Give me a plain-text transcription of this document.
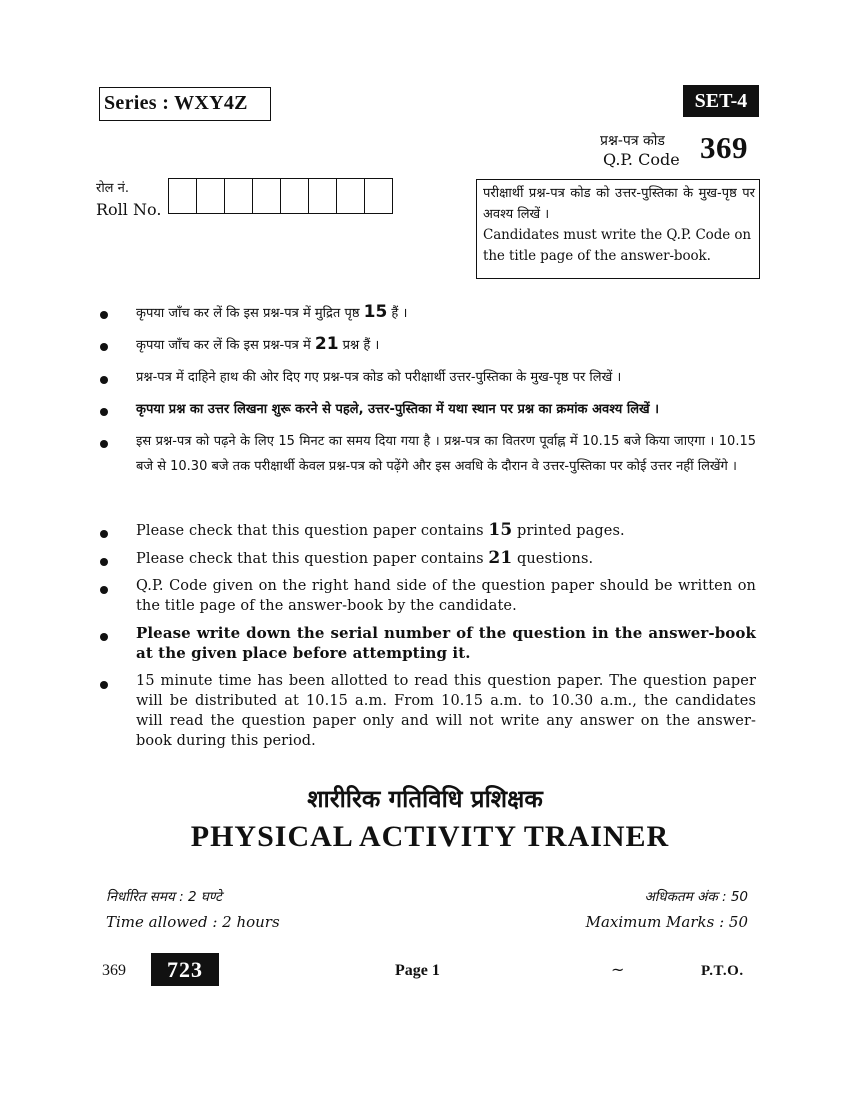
Series : WXY4Z	SET-4
प्रश्न-पत्र कोड
Q.P. Code 369
रोल नं.
Roll No.
परीक्षार्थी प्रश्न-पत्र कोड को उत्तर-पुस्तिका के मुख-पृष्ठ पर अवश्य लिखें ।
Candidates must write the Q.P. Code on the title page of the answer-book.
कृपया जाँच कर लें कि इस प्रश्न-पत्र में मुद्रित पृष्ठ 15 हैं ।
कृपया जाँच कर लें कि इस प्रश्न-पत्र में 21 प्रश्न हैं ।
प्रश्न-पत्र में दाहिने हाथ की ओर दिए गए प्रश्न-पत्र कोड को परीक्षार्थी उत्तर-पुस्तिका के मुख-पृष्ठ पर लिखें ।
कृपया प्रश्न का उत्तर लिखना शुरू करने से पहले, उत्तर-पुस्तिका में यथा स्थान पर प्रश्न का क्रमांक अवश्य लिखें ।
इस प्रश्न-पत्र को पढ़ने के लिए 15 मिनट का समय दिया गया है । प्रश्न-पत्र का वितरण पूर्वाह्न में 10.15 बजे किया जाएगा । 10.15 बजे से 10.30 बजे तक परीक्षार्थी केवल प्रश्न-पत्र को पढ़ेंगे और इस अवधि के दौरान वे उत्तर-पुस्तिका पर कोई उत्तर नहीं लिखेंगे ।
Please check that this question paper contains 15 printed pages.
Please check that this question paper contains 21 questions.
Q.P. Code given on the right hand side of the question paper should be written on the title page of the answer-book by the candidate.
Please write down the serial number of the question in the answer-book at the given place before attempting it.
15 minute time has been allotted to read this question paper. The question paper will be distributed at 10.15 a.m. From 10.15 a.m. to 10.30 a.m., the candidates will read the question paper only and will not write any answer on the answer-book during this period.
शारीरिक गतिविधि प्रशिक्षक
PHYSICAL ACTIVITY TRAINER
निर्धारित समय : 2 घण्टे
Time allowed : 2 hours
अधिकतम अंक : 50
Maximum Marks : 50
369	723	Page 1	~	P.T.O.
